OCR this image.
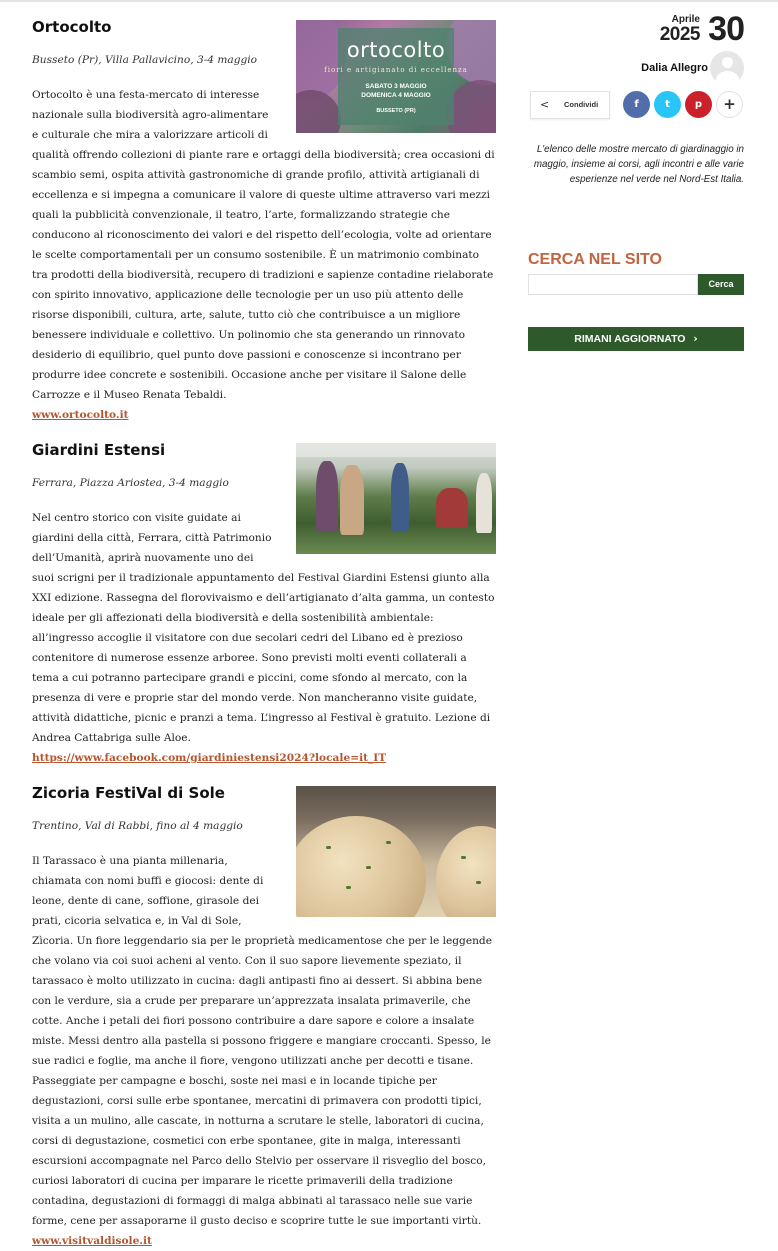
Ortocolto
ortocolto
fiori e artigianato di eccellenza
SABATO 3 MAGGIO
DOMENICA 4 MAGGIO
BUSSETO (PR)
Busseto (Pr), Villa Pallavicino, 3-4 maggio

Ortocolto è una festa-mercato di interesse nazionale sulla biodiversità agro-alimentare e culturale che mira a valorizzare articoli di qualità offrendo collezioni di piante rare e ortaggi della biodiversità; crea occasioni di scambio semi, ospita attività gastronomiche di grande profilo, attività artigianali di eccellenza e si impegna a comunicare il valore di queste ultime attraverso vari mezzi quali la pubblicità convenzionale, il teatro, l’arte, formalizzando strategie che conducono al riconoscimento dei valori e del rispetto dell’ecologia, volte ad orientare le scelte comportamentali per un consumo sostenibile. È un matrimonio combinato tra prodotti della biodiversità, recupero di tradizioni e sapienze contadine rielaborate con spirito innovativo, applicazione delle tecnologie per un uso più attento delle risorse disponibili, cultura, arte, salute, tutto ciò che contribuisce a un migliore benessere individuale e collettivo. Un polinomio che sta generando un rinnovato desiderio di equilibrio, quel punto dove passioni e conoscenze si incontrano per produrre idee concrete e sostenibili. Occasione anche per visitare il Salone delle Carrozze e il Museo Renata Tebaldi.

www.ortocolto.it
Giardini Estensi
Ferrara, Piazza Ariostea, 3-4 maggio

Nel centro storico con visite guidate ai giardini della città, Ferrara, città Patrimonio dell’Umanità, aprirà nuovamente uno dei suoi scrigni per il tradizionale appuntamento del Festival Giardini Estensi giunto alla XXI edizione. Rassegna del florovivaismo e dell’artigianato d’alta gamma, un contesto ideale per gli affezionati della biodiversità e della sostenibilità ambientale: all’ingresso accoglie il visitatore con due secolari cedri del Libano ed è prezioso contenitore di numerose essenze arboree. Sono previsti molti eventi collaterali a tema a cui potranno partecipare grandi e piccini, come sfondo al mercato, con la presenza di vere e proprie star del mondo verde. Non mancheranno visite guidate, attività didattiche, picnic e pranzi a tema. L’ingresso al Festival è gratuito. Lezione di Andrea Cattabriga sulle Aloe.

https://www.facebook.com/giardiniestensi2024?locale=it_IT
Zicoria FestiVal di Sole
Trentino, Val di Rabbi, fino al 4 maggio

Il Tarassaco è una pianta millenaria, chiamata con nomi buffi e giocosi: dente di leone, dente di cane, soffione, girasole dei prati, cicoria selvatica e, in Val di Sole, Zìcoria. Un fiore leggendario sia per le proprietà medicamentose che per le leggende che volano via coi suoi acheni al vento. Con il suo sapore lievemente speziato, il tarassaco è molto utilizzato in cucina: dagli antipasti fino ai dessert. Si abbina bene con le verdure, sia a crude per preparare un’apprezzata insalata primaverile, che cotte. Anche i petali dei fiori possono contribuire a dare sapore e colore a insalate miste. Messi dentro alla pastella si possono friggere e mangiare croccanti. Spesso, le sue radici e foglie, ma anche il fiore, vengono utilizzati anche per decotti e tisane. Passeggiate per campagne e boschi, soste nei masi e in locande tipiche per degustazioni, corsi sulle erbe spontanee, mercatini di primavera con prodotti tipici, visita a un mulino, alle cascate, in notturna a scrutare le stelle, laboratori di cucina, corsi di degustazione, cosmetici con erbe spontanee, gite in malga, interessanti escursioni accompagnate nel Parco dello Stelvio per osservare il risveglio del bosco, curiosi laboratori di cucina per imparare le ricette primaverili della tradizione contadina, degustazioni di formaggi di malga abbinati al tarassaco nelle sue varie forme, cene per assaporarne il gusto deciso e scoprire tutte le sue importanti virtù.

www.visitvaldisole.it
Aprile
2025 30
Dalia Allegro
< Condividi	f	t	p	+
L'elenco delle mostre mercato di giardinaggio in maggio, insieme ai corsi, agli incontri e alle varie esperienze nel verde nel Nord-Est Italia.
CERCA NEL SITO
Cerca
RIMANI AGGIORNATO ›
